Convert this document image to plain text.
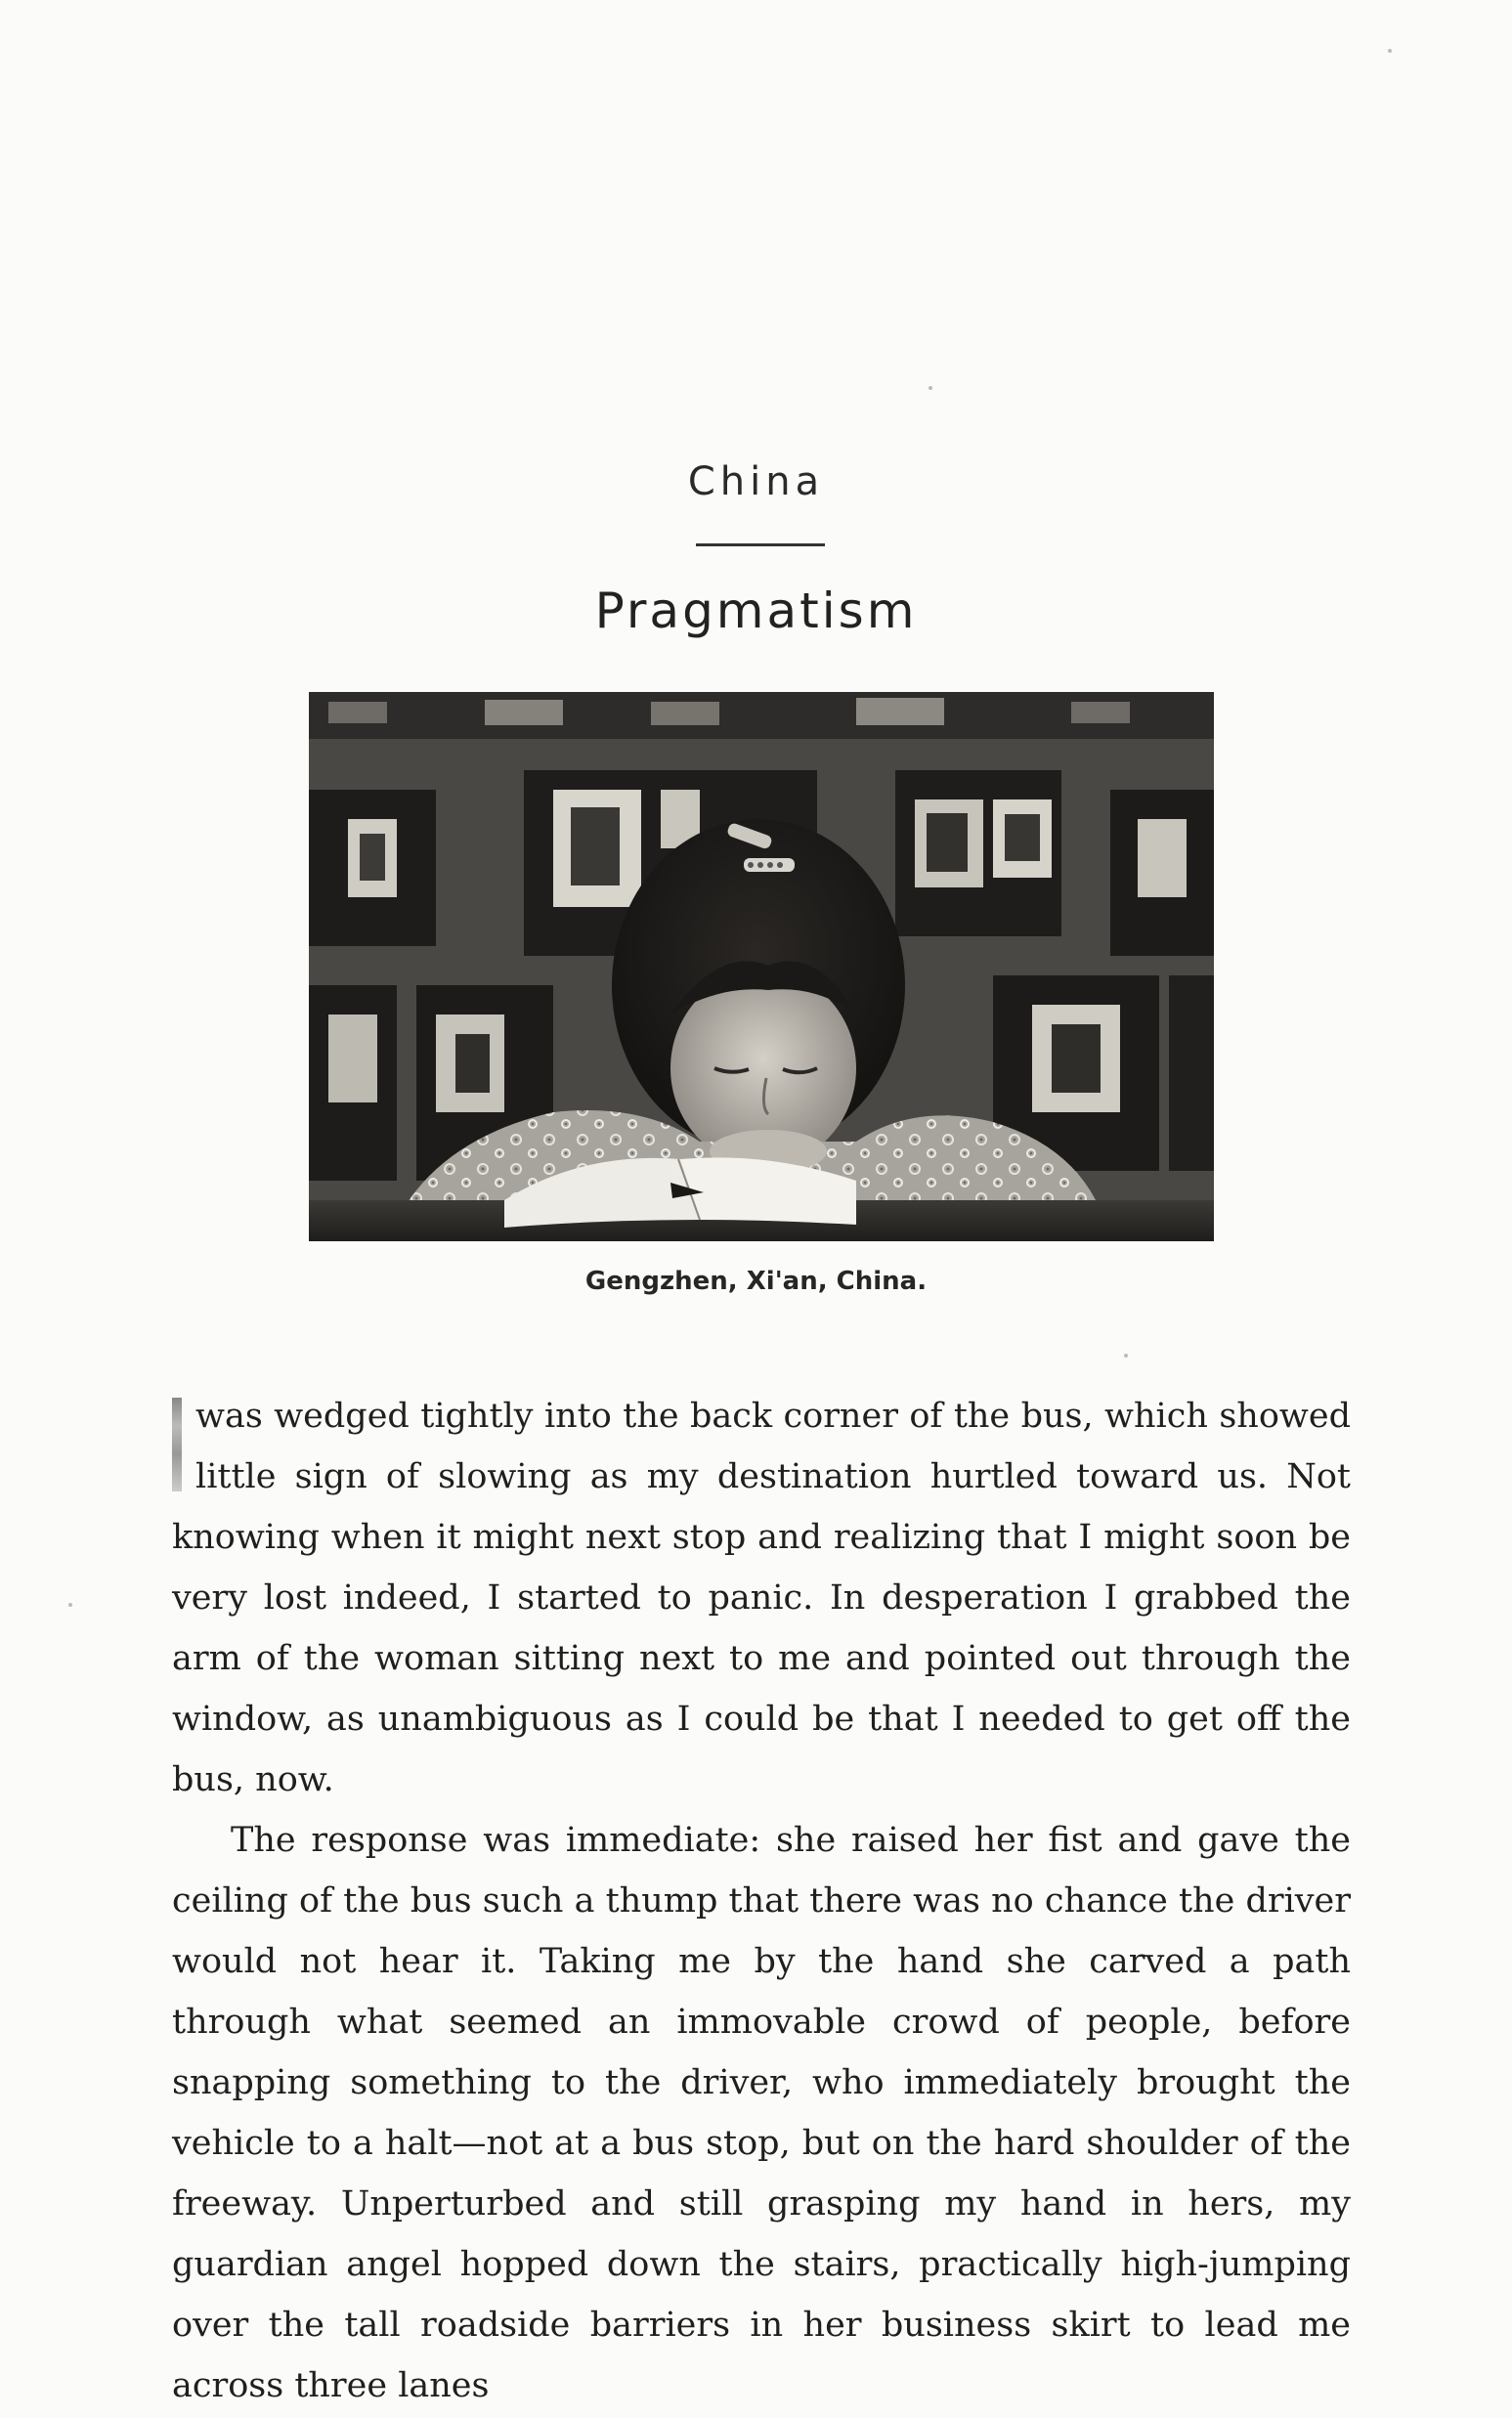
China
Pragmatism
Gengzhen, Xi'an, China.

was wedged tightly into the back corner of the bus, which showed little sign of slowing as my destination hurtled toward us. Not knowing when it might next stop and realizing that I might soon be very lost indeed, I started to panic. In desperation I grabbed the arm of the woman sitting next to me and pointed out through the window, as unambiguous as I could be that I needed to get off the bus, now.

The response was immediate: she raised her fist and gave the ceiling of the bus such a thump that there was no chance the driver would not hear it. Taking me by the hand she carved a path through what seemed an immovable crowd of people, before snapping something to the driver, who immediately brought the vehicle to a halt—not at a bus stop, but on the hard shoulder of the freeway. Unperturbed and still grasping my hand in hers, my guardian angel hopped down the stairs, practically high-jumping over the tall roadside barriers in her business skirt to lead me across three lanes
